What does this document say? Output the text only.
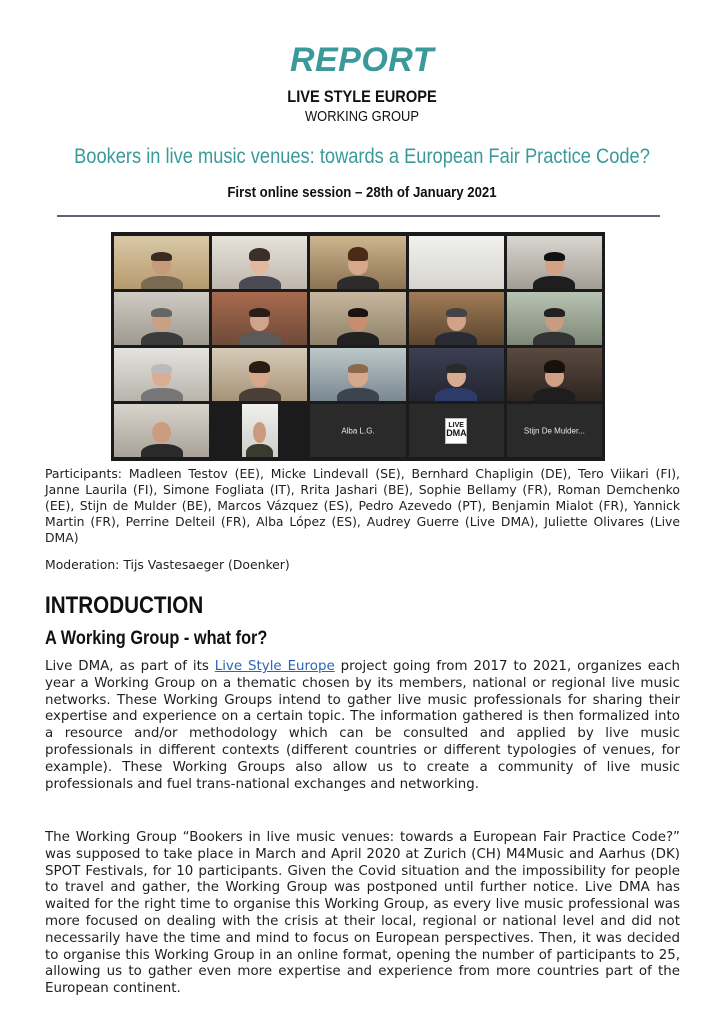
REPORT
LIVE STYLE EUROPE
WORKING GROUP
Bookers in live music venues: towards a European Fair Practice Code?
First online session – 28th of January 2021
Alba L.G.
LIVE
DMA	Stijn De Mulder...

Participants: Madleen Testov (EE), Micke Lindevall (SE), Bernhard Chapligin (DE), Tero Viikari (FI), Janne Laurila (FI), Simone Fogliata (IT), Rrita Jashari (BE), Sophie Bellamy (FR), Roman Demchenko (EE), Stijn de Mulder (BE), Marcos Vázquez (ES), Pedro Azevedo (PT), Benjamin Mialot (FR), Yannick Martin (FR), Perrine Delteil (FR), Alba López (ES), Audrey Guerre (Live DMA), Juliette Olivares (Live DMA)

Moderation: Tijs Vastesaeger (Doenker)

INTRODUCTION
A Working Group - what for?

Live DMA, as part of its Live Style Europe project going from 2017 to 2021, organizes each year a Working Group on a thematic chosen by its members, national or regional live music networks. These Working Groups intend to gather live music professionals for sharing their expertise and experience on a certain topic. The information gathered is then formalized into a resource and/or methodology which can be consulted and applied by live music professionals in different contexts (different countries or different typologies of venues, for example). These Working Groups also allow us to create a community of live music professionals and fuel trans-national exchanges and networking.

The Working Group “Bookers in live music venues: towards a European Fair Practice Code?” was supposed to take place in March and April 2020 at Zurich (CH) M4Music and Aarhus (DK) SPOT Festivals, for 10 participants. Given the Covid situation and the impossibility for people to travel and gather, the Working Group was postponed until further notice. Live DMA has waited for the right time to organise this Working Group, as every live music professional was more focused on dealing with the crisis at their local, regional or national level and did not necessarily have the time and mind to focus on European perspectives. Then, it was decided to organise this Working Group in an online format, opening the number of participants to 25, allowing us to gather even more expertise and experience from more countries part of the European continent.
